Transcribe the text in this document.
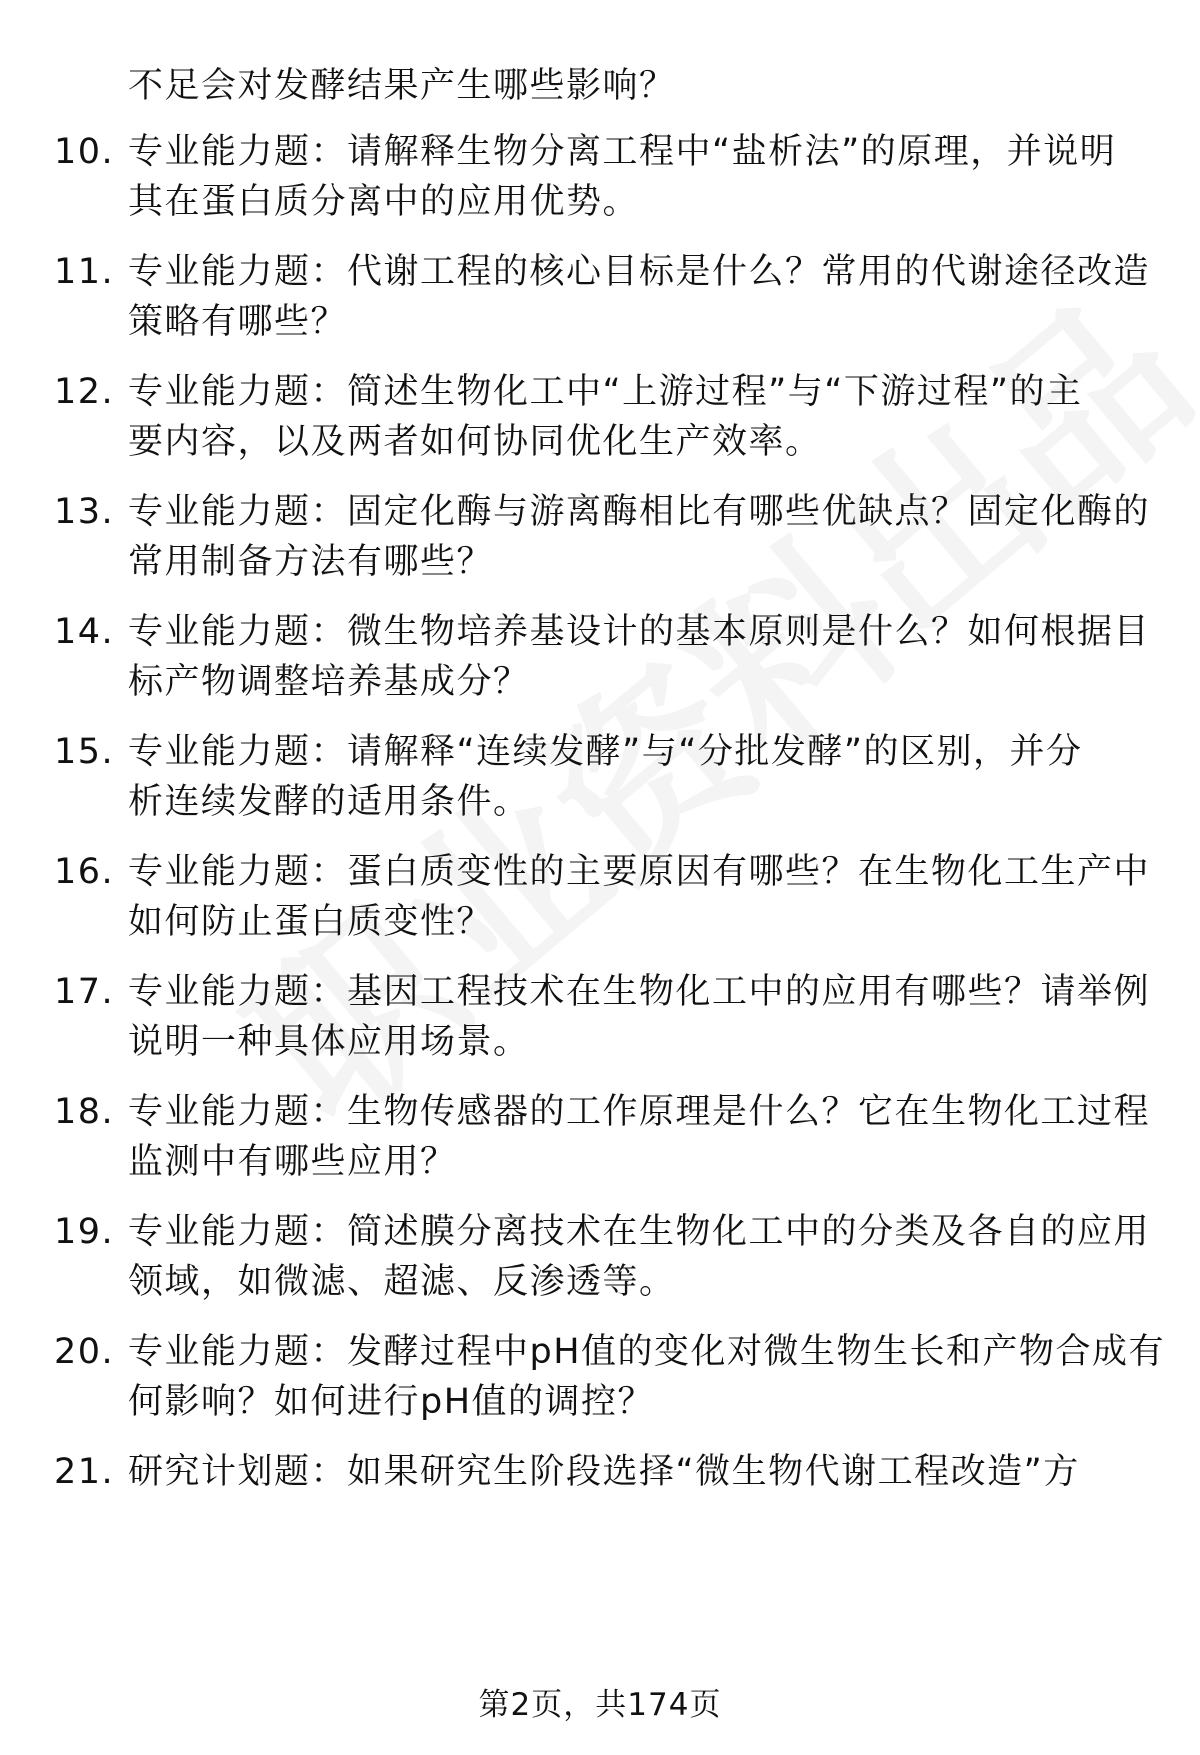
不足会对发酵结果产生哪些影响？
10. 专业能力题：请解释生物分离工程中“盐析法”的原理，并说明
其在蛋白质分离中的应用优势。
11. 专业能力题：代谢工程的核心目标是什么？常用的代谢途径改造
策略有哪些？
12. 专业能力题：简述生物化工中“上游过程”与“下游过程”的主
要内容，以及两者如何协同优化生产效率。
13. 专业能力题：固定化酶与游离酶相比有哪些优缺点？固定化酶的
常用制备方法有哪些？
14. 专业能力题：微生物培养基设计的基本原则是什么？如何根据目
标产物调整培养基成分？
15. 专业能力题：请解释“连续发酵”与“分批发酵”的区别，并分
析连续发酵的适用条件。
16. 专业能力题：蛋白质变性的主要原因有哪些？在生物化工生产中
如何防止蛋白质变性？
17. 专业能力题：基因工程技术在生物化工中的应用有哪些？请举例
说明一种具体应用场景。
18. 专业能力题：生物传感器的工作原理是什么？它在生物化工过程
监测中有哪些应用？
19. 专业能力题：简述膜分离技术在生物化工中的分类及各自的应用
领域，如微滤、超滤、反渗透等。
20. 专业能力题：发酵过程中pH值的变化对微生物生长和产物合成有
何影响？如何进行pH值的调控？
21. 研究计划题：如果研究生阶段选择“微生物代谢工程改造”方
第2页，共174页
